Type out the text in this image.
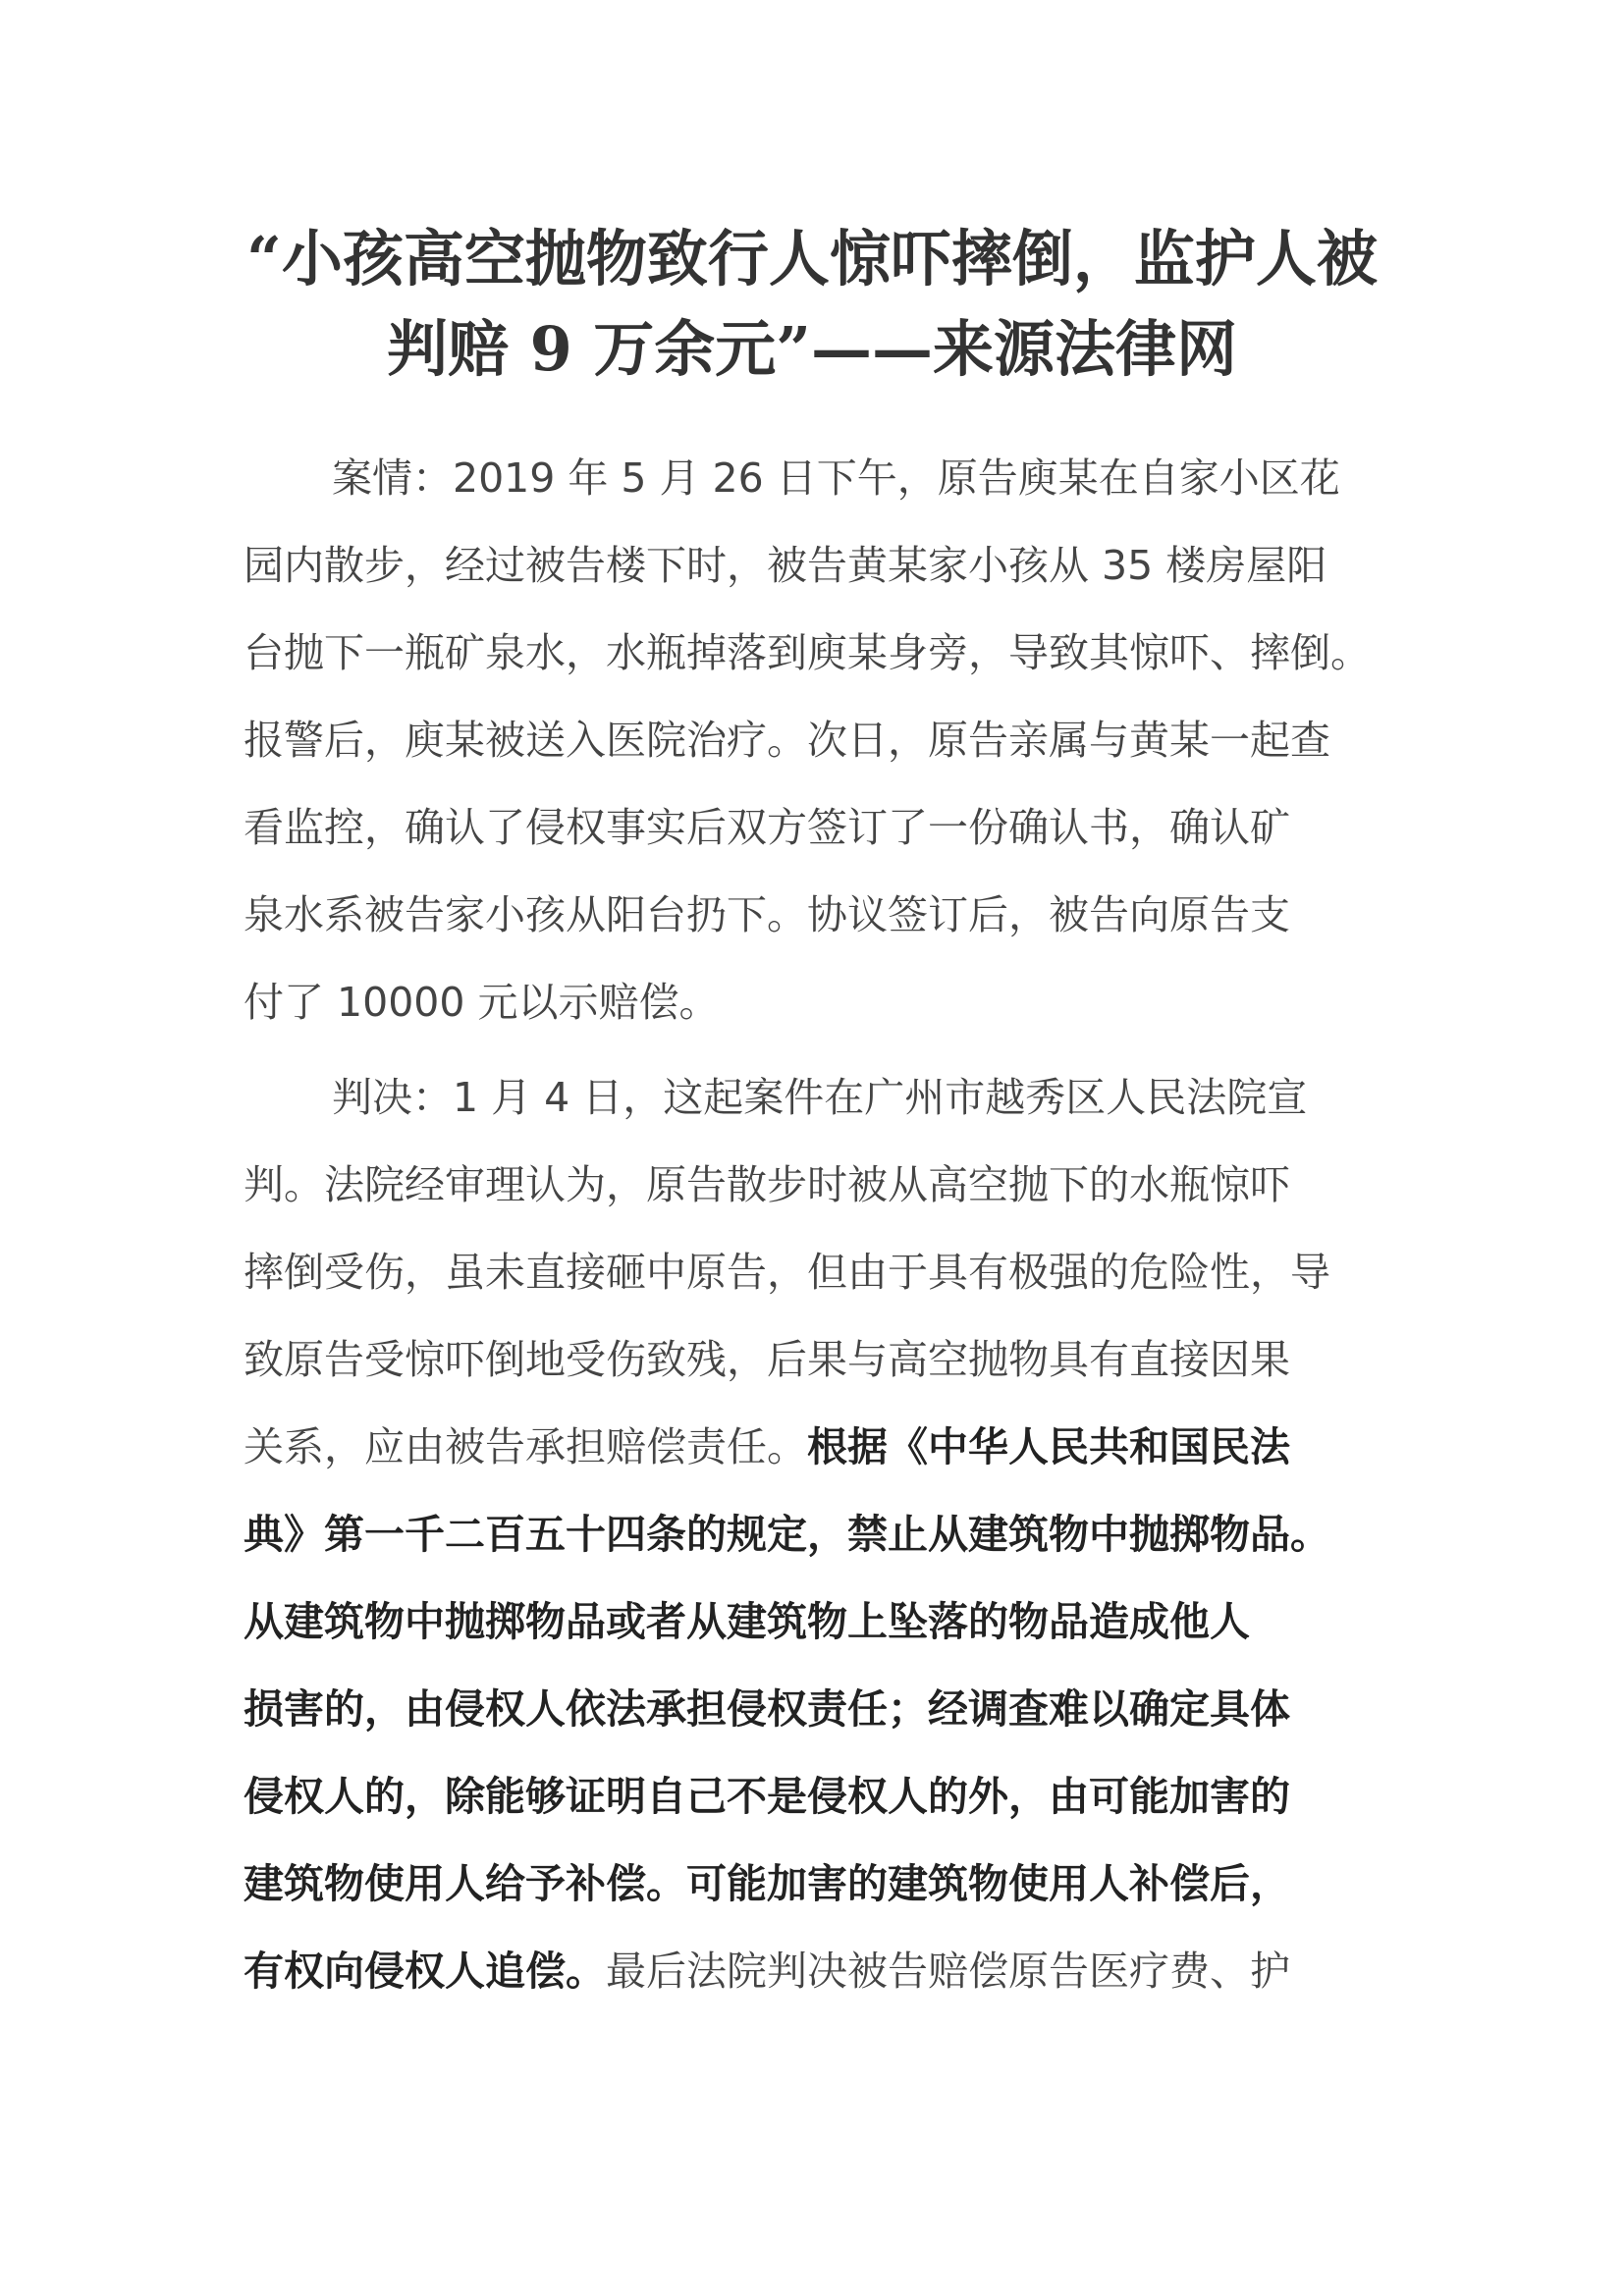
“小孩高空抛物致行人惊吓摔倒，监护人被
判赔 9 万余元”——来源法律网
案情：2019 年 5 月 26 日下午，原告庾某在自家小区花
园内散步，经过被告楼下时，被告黄某家小孩从 35 楼房屋阳
台抛下一瓶矿泉水，水瓶掉落到庾某身旁，导致其惊吓、摔倒。
报警后，庾某被送入医院治疗。次日，原告亲属与黄某一起查
看监控，确认了侵权事实后双方签订了一份确认书，确认矿
泉水系被告家小孩从阳台扔下。协议签订后，被告向原告支
付了 10000 元以示赔偿。
判决：1 月 4 日，这起案件在广州市越秀区人民法院宣
判。法院经审理认为，原告散步时被从高空抛下的水瓶惊吓
摔倒受伤，虽未直接砸中原告，但由于具有极强的危险性，导
致原告受惊吓倒地受伤致残，后果与高空抛物具有直接因果
关系，应由被告承担赔偿责任。根据《中华人民共和国民法
典》第一千二百五十四条的规定，禁止从建筑物中抛掷物品。
从建筑物中抛掷物品或者从建筑物上坠落的物品造成他人
损害的，由侵权人依法承担侵权责任；经调查难以确定具体
侵权人的，除能够证明自己不是侵权人的外，由可能加害的
建筑物使用人给予补偿。可能加害的建筑物使用人补偿后，
有权向侵权人追偿。最后法院判决被告赔偿原告医疗费、护
